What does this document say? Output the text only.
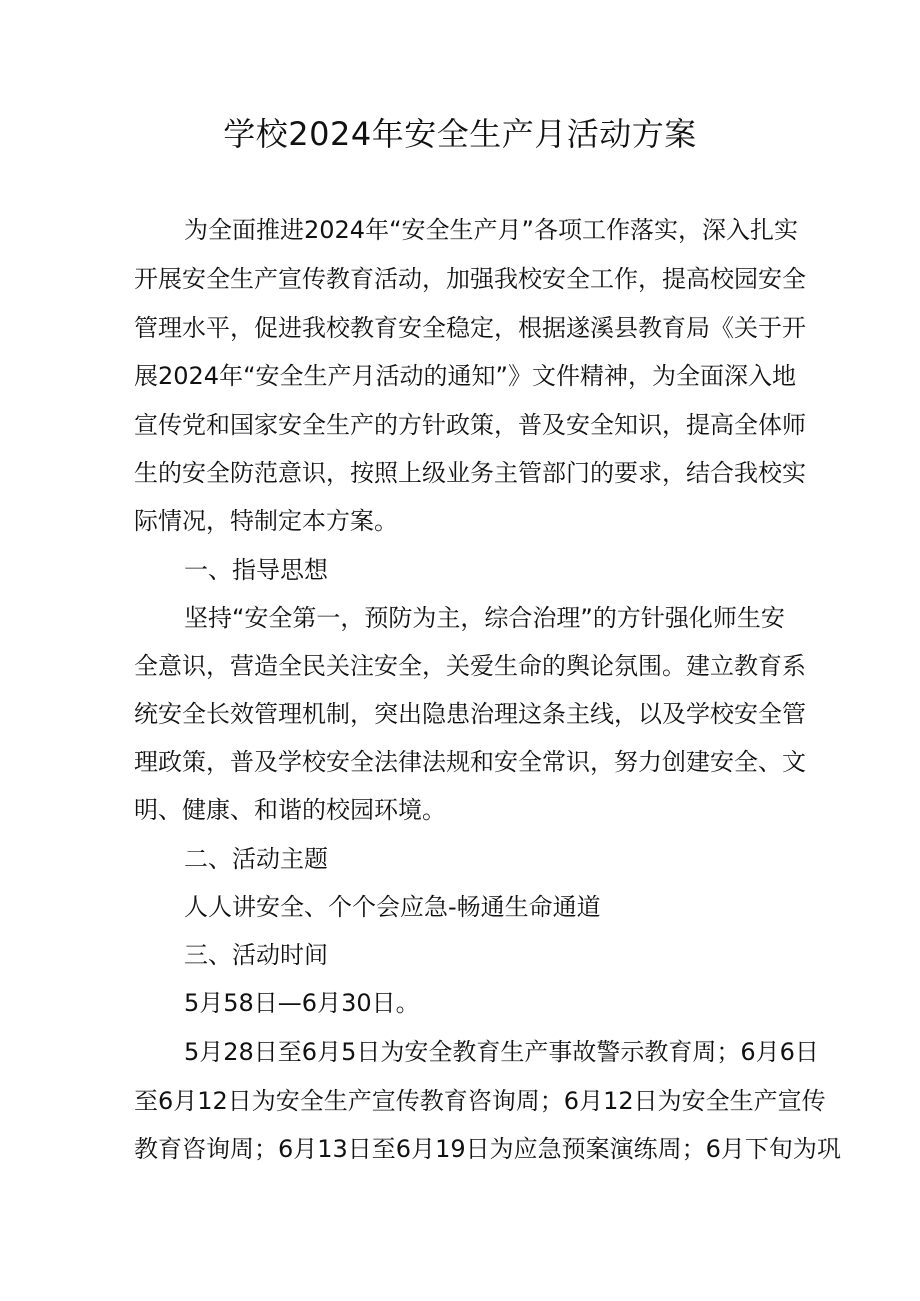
学校2024年安全生产月活动方案
为全面推进2024年“安全生产月”各项工作落实，深入扎实
开展安全生产宣传教育活动，加强我校安全工作，提高校园安全
管理水平，促进我校教育安全稳定，根据遂溪县教育局《关于开
展2024年“安全生产月活动的通知”》文件精神，为全面深入地
宣传党和国家安全生产的方针政策，普及安全知识，提高全体师
生的安全防范意识，按照上级业务主管部门的要求，结合我校实
际情况，特制定本方案。
一、指导思想
坚持“安全第一，预防为主，综合治理”的方针强化师生安
全意识，营造全民关注安全，关爱生命的舆论氛围。建立教育系
统安全长效管理机制，突出隐患治理这条主线，以及学校安全管
理政策，普及学校安全法律法规和安全常识，努力创建安全、文
明、健康、和谐的校园环境。
二、活动主题
人人讲安全、个个会应急-畅通生命通道
三、活动时间
5月58日—6月30日。
5月28日至6月5日为安全教育生产事故警示教育周；6月6日
至6月12日为安全生产宣传教育咨询周；6月12日为安全生产宣传
教育咨询周；6月13日至6月19日为应急预案演练周；6月下旬为巩
